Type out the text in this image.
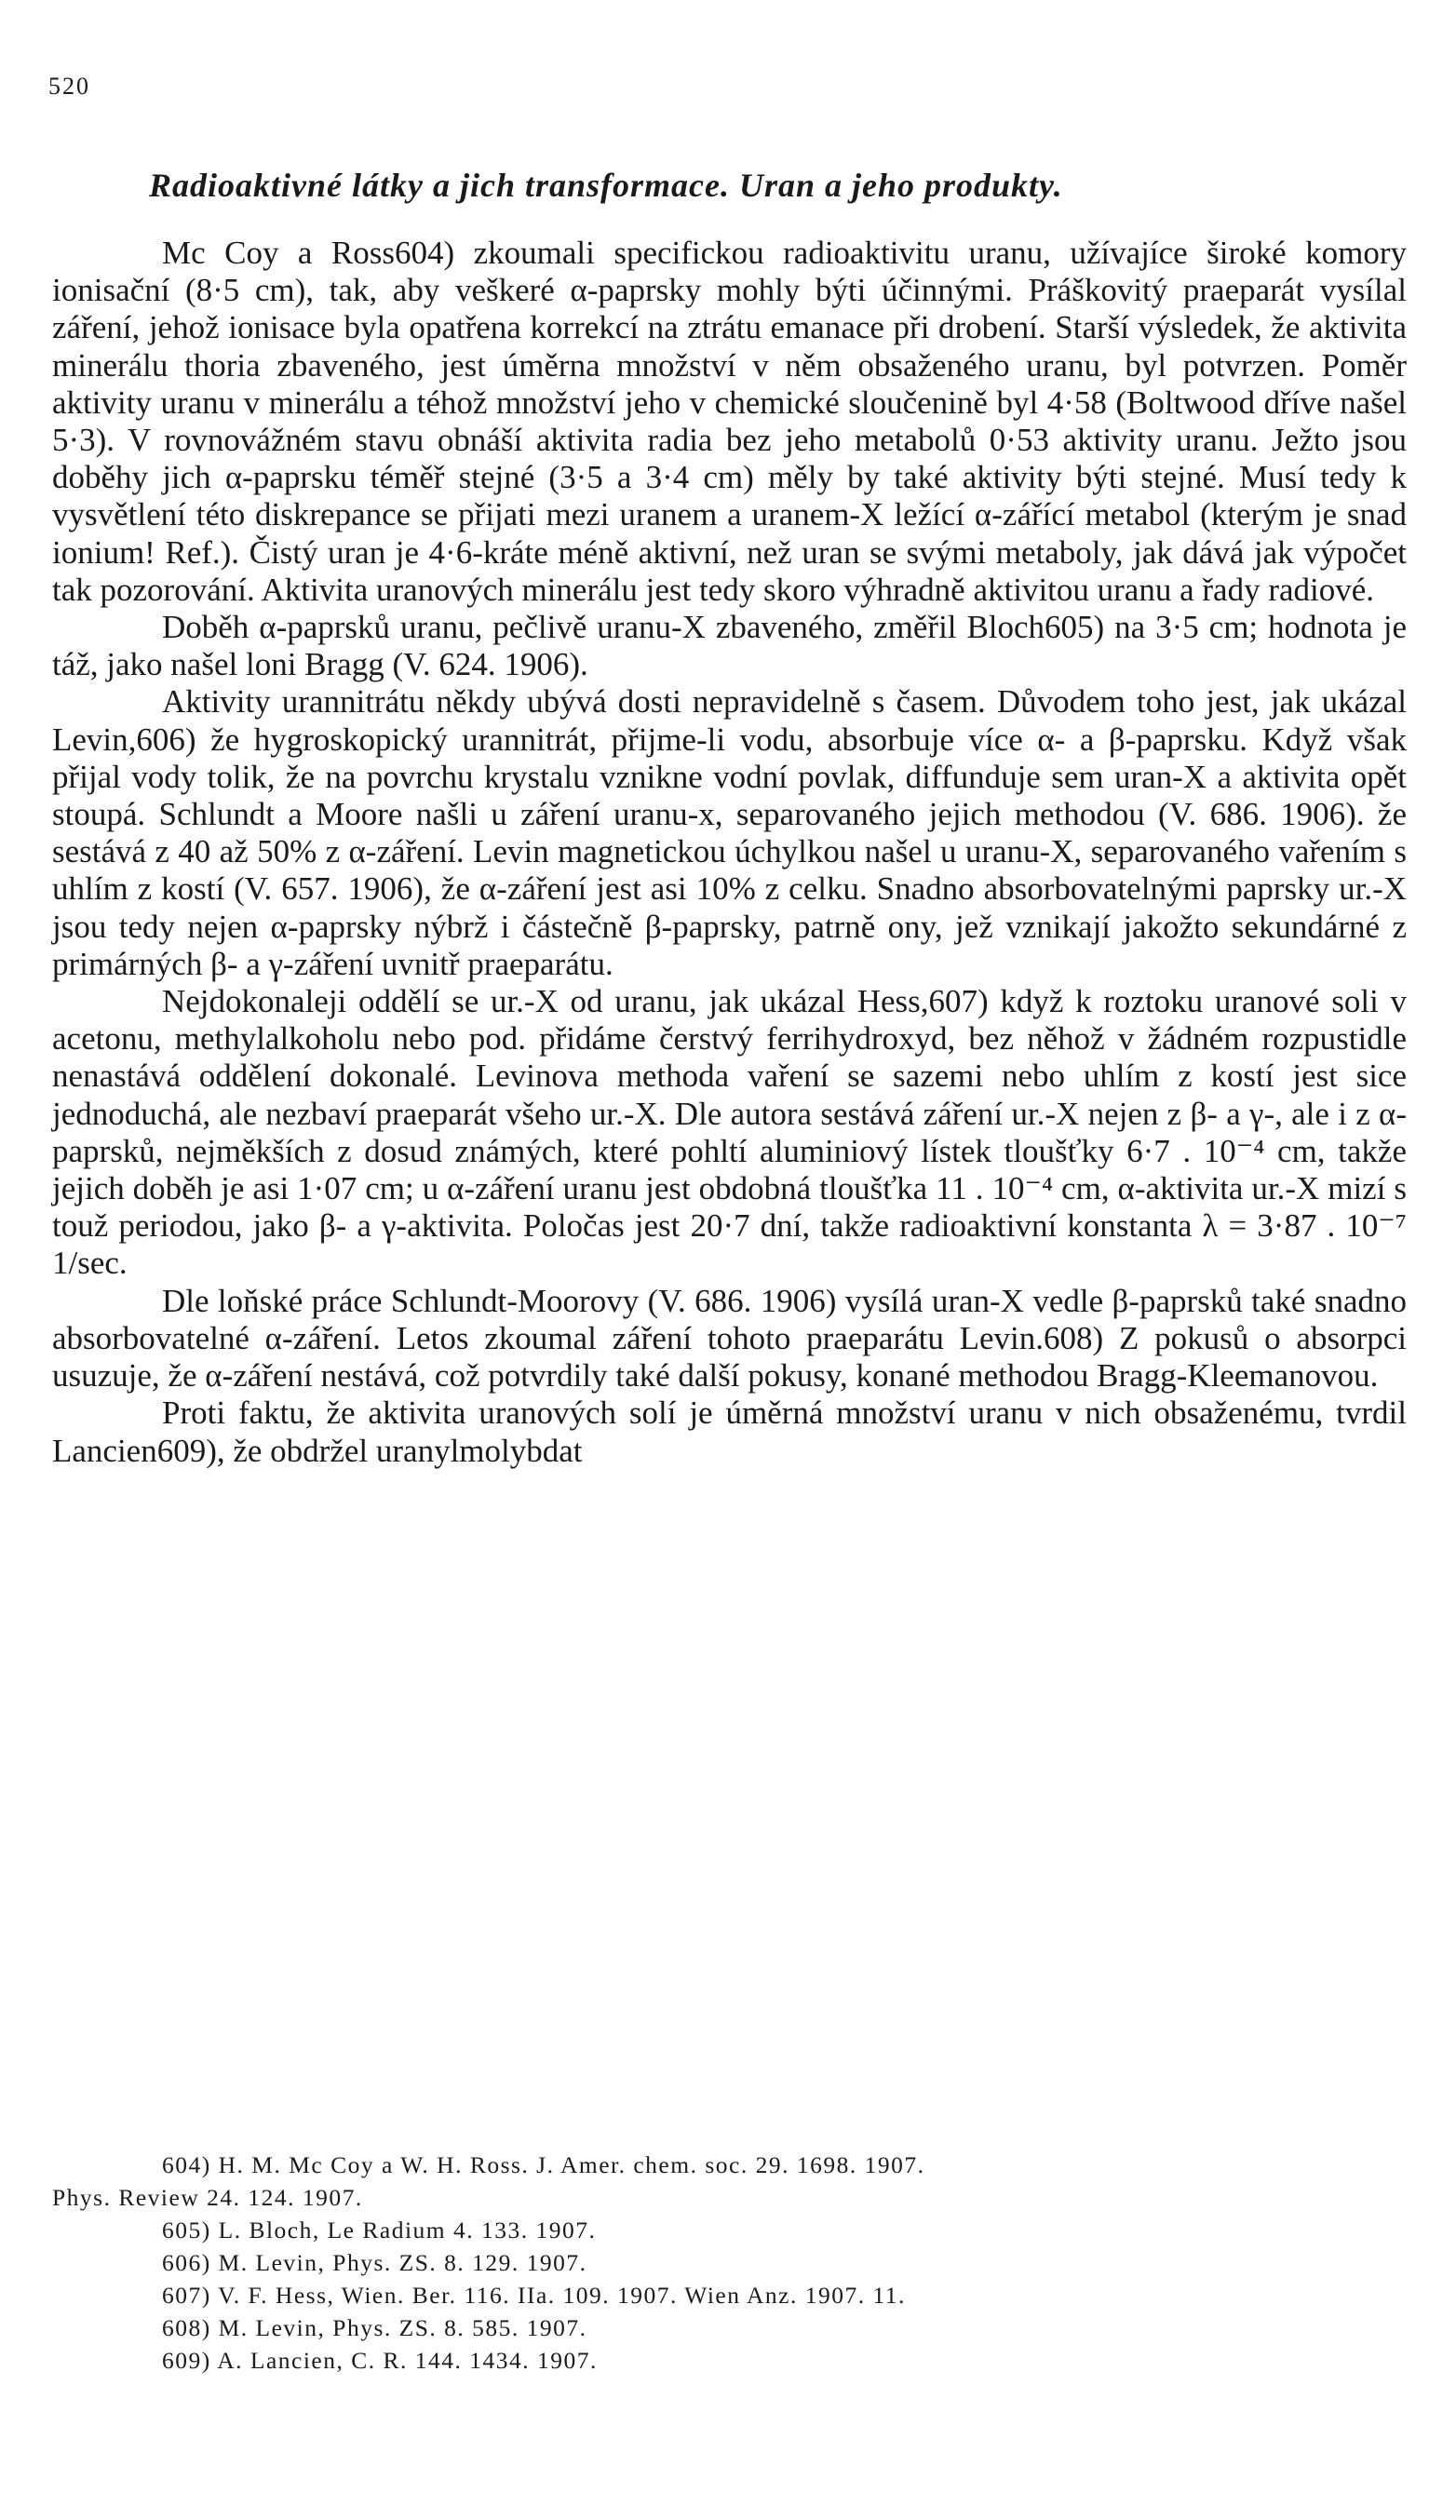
520
Radioaktivné látky a jich transformace. Uran a jeho produkty.

Mc Coy a Ross604) zkoumali specifickou radioaktivitu uranu, užívajíce široké komory ionisační (8·5 cm), tak, aby veškeré α-paprsky mohly býti účinnými. Práškovitý praeparát vysílal záření, jehož ionisace byla opatřena korrekcí na ztrátu emanace při drobení. Starší výsledek, že aktivita minerálu thoria zbaveného, jest úměrna množství v něm obsaženého uranu, byl potvrzen. Poměr aktivity uranu v minerálu a téhož množství jeho v chemické sloučenině byl 4·58 (Boltwood dříve našel 5·3). V rovnovážném stavu obnáší aktivita radia bez jeho metabolů 0·53 aktivity uranu. Ježto jsou doběhy jich α-paprsku téměř stejné (3·5 a 3·4 cm) měly by také aktivity býti stejné. Musí tedy k vysvětlení této diskrepance se přijati mezi uranem a uranem-X ležící α-zářící metabol (kterým je snad ionium! Ref.). Čistý uran je 4·6-kráte méně aktivní, než uran se svými metaboly, jak dává jak výpočet tak pozorování. Aktivita uranových minerálu jest tedy skoro výhradně aktivitou uranu a řady radiové.

Doběh α-paprsků uranu, pečlivě uranu-X zbaveného, změřil Bloch605) na 3·5 cm; hodnota je táž, jako našel loni Bragg (V. 624. 1906).

Aktivity urannitrátu někdy ubývá dosti nepravidelně s časem. Důvodem toho jest, jak ukázal Levin,606) že hygroskopický urannitrát, přijme-li vodu, absorbuje více α- a β-paprsku. Když však přijal vody tolik, že na povrchu krystalu vznikne vodní povlak, diffunduje sem uran-X a aktivita opět stoupá. Schlundt a Moore našli u záření uranu-x, separovaného jejich methodou (V. 686. 1906). že sestává z 40 až 50% z α-záření. Levin magnetickou úchylkou našel u uranu-X, separovaného vařením s uhlím z kostí (V. 657. 1906), že α-záření jest asi 10% z celku. Snadno absorbovatelnými paprsky ur.-X jsou tedy nejen α-paprsky nýbrž i částečně β-paprsky, patrně ony, jež vznikají jakožto sekundárné z primárných β- a γ-záření uvnitř praeparátu.

Nejdokonaleji oddělí se ur.-X od uranu, jak ukázal Hess,607) když k roztoku uranové soli v acetonu, methylalkoholu nebo pod. přidáme čerstvý ferrihydroxyd, bez něhož v žádném rozpustidle nenastává oddělení dokonalé. Levinova methoda vaření se sazemi nebo uhlím z kostí jest sice jednoduchá, ale nezbaví praeparát všeho ur.-X. Dle autora sestává záření ur.-X nejen z β- a γ-, ale i z α-paprsků, nejměkších z dosud známých, které pohltí aluminiový lístek tloušťky 6·7 . 10⁻⁴ cm, takže jejich doběh je asi 1·07 cm; u α-záření uranu jest obdobná tloušťka 11 . 10⁻⁴ cm, α-aktivita ur.-X mizí s touž periodou, jako β- a γ-aktivita. Poločas jest 20·7 dní, takže radioaktivní konstanta λ = 3·87 . 10⁻⁷ 1/sec.

Dle loňské práce Schlundt-Moorovy (V. 686. 1906) vysílá uran-X vedle β-paprsků také snadno absorbovatelné α-záření. Letos zkoumal záření tohoto praeparátu Levin.608) Z pokusů o absorpci usuzuje, že α-záření nestává, což potvrdily také další pokusy, konané methodou Bragg-Kleemanovou.

Proti faktu, že aktivita uranových solí je úměrná množství uranu v nich obsaženému, tvrdil Lancien609), že obdržel uranylmolybdat

604) H. M. Mc Coy a W. H. Ross. J. Amer. chem. soc. 29. 1698. 1907.

Phys. Review 24. 124. 1907.

605) L. Bloch, Le Radium 4. 133. 1907.

606) M. Levin, Phys. ZS. 8. 129. 1907.

607) V. F. Hess, Wien. Ber. 116. IIa. 109. 1907. Wien Anz. 1907. 11.

608) M. Levin, Phys. ZS. 8. 585. 1907.

609) A. Lancien, C. R. 144. 1434. 1907.
